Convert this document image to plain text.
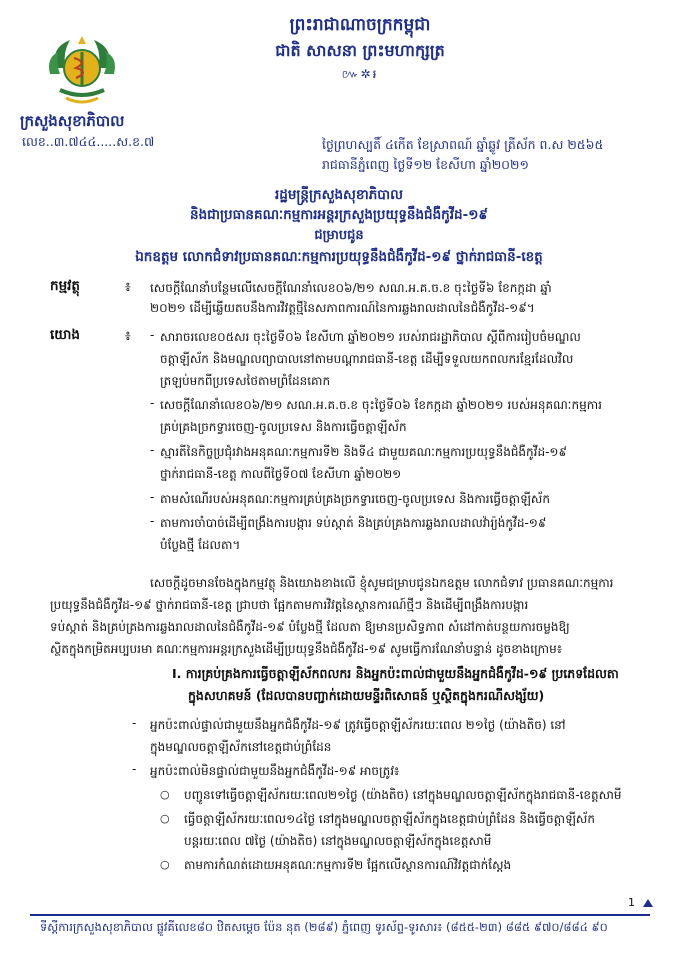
ព្រះរាជាណាចក្រកម្ពុជា
ជាតិ សាសនា ព្រះមហាក្សត្រ
៚✲៛
ក្រសួងសុខាភិបាល
លេខ..៣.៧៤៤.....ស.ខ.៧	ថ្ងៃព្រហស្បតិ៍ ៤កើត ខែស្រាពណ៍ ឆ្នាំឆ្លូវ ត្រីស័ក ព.ស ២៥៦៥
រាជធានីភ្នំពេញ ថ្ងៃទី១២ ខែសីហា ឆ្នាំ២០២១
រដ្ឋមន្ត្រីក្រសួងសុខាភិបាល
និងជាប្រធានគណៈកម្មការអន្តរក្រសួងប្រយុទ្ធនឹងជំងឺកូវីដ-១៩
ជម្រាបជូន
ឯកឧត្តម លោកជំទាវប្រធានគណៈកម្មការប្រយុទ្ធនឹងជំងឺកូវីដ-១៩ ថ្នាក់រាជធានី-ខេត្ត
កម្មវត្ថុ	៖ សេចក្តីណែនាំបន្ថែមលើសេចក្តីណែនាំលេខ០៦/២១ សណ.អ.គ.ច.ខ ចុះថ្ងៃទី៦ ខែកក្កដា ឆ្នាំ
២០២១ ដើម្បីឆ្លើយតបនឹងការវិវត្តថ្មីនៃសភាពការណ៍នៃការឆ្លងរាលដាលនៃជំងឺកូវីដ-១៩។
យោង	៖ - សារាចរលេខ០៥សរ ចុះថ្ងៃទី០៦ ខែសីហា ឆ្នាំ២០២១ របស់រាជរដ្ឋាភិបាល ស្តីពីការរៀបចំមណ្ឌល
ចត្តាឡីស័ក និងមណ្ឌលព្យាបាលនៅតាមបណ្តារាជធានី-ខេត្ត ដើម្បីទទួលយកពលករខ្មែរដែលវិល
ត្រឡប់មកពីប្រទេសថៃតាមព្រំដែនគោក
- សេចក្តីណែនាំលេខ០៦/២១ សណ.អ.គ.ច.ខ ចុះថ្ងៃទី០៦ ខែកក្កដា ឆ្នាំ២០២១ របស់អនុគណៈកម្មការ
គ្រប់គ្រងច្រកទ្វារចេញ-ចូលប្រទេស និងការធ្វើចត្តាឡីស័ក
- ស្មារតីនៃកិច្ចប្រជុំរវាងអនុគណៈកម្មការទី២ និងទី៤ ជាមួយគណៈកម្មការប្រយុទ្ធនឹងជំងឺកូវីដ-១៩
ថ្នាក់រាជធានី-ខេត្ត កាលពីថ្ងៃទី០៧ ខែសីហា ឆ្នាំ២០២១
- តាមសំណើរបស់អនុគណៈកម្មការគ្រប់គ្រងច្រកទ្វារចេញ-ចូលប្រទេស និងការធ្វើចត្តាឡីស័ក
- តាមការចាំបាច់ដើម្បីពង្រឹងការបង្ការ ទប់ស្កាត់ និងគ្រប់គ្រងការឆ្លងរាលដាលវ៉ារ្យ៉ង់កូវីដ-១៩
បំប្លែងថ្មី ដែលតា។
សេចក្តីដូចមានចែងក្នុងកម្មវត្ថុ និងយោងខាងលើ ខ្ញុំសូមជម្រាបជូនឯកឧត្តម លោកជំទាវ ប្រធានគណៈកម្មការ
ប្រយុទ្ធនឹងជំងឺកូវីដ-១៩ ថ្នាក់រាជធានី-ខេត្ត ជ្រាបថា ផ្អែកតាមការវិវត្តនៃស្ថានការណ៍ថ្មីៗ និងដើម្បីពង្រឹងការបង្ការ
ទប់ស្កាត់ និងគ្រប់គ្រងការឆ្លងរាលដាលនៃជំងឺកូវីដ-១៩ បំប្លែងថ្មី ដែលតា ឱ្យមានប្រសិទ្ធភាព សំដៅកាត់បន្ថយការចម្លងឱ្យ
ស្ថិតក្នុងកម្រិតអប្បបរមា គណៈកម្មការអន្តរក្រសួងដើម្បីប្រយុទ្ធនឹងជំងឺកូវីដ-១៩ សូមធ្វើការណែនាំបន្ទាន់ ដូចខាងក្រោម៖
I. ការគ្រប់គ្រងការធ្វើចត្តាឡីស័កពលករ និងអ្នកប៉ះពាល់ជាមួយនឹងអ្នកជំងឺកូវីដ-១៩ ប្រភេទដែលតា
ក្នុងសហគមន៍ (ដែលបានបញ្ជាក់ដោយមន្ទីរពិសោធន៍ ឬស្ថិតក្នុងករណីសង្ស័យ)
- អ្នកប៉ះពាល់ផ្ទាល់ជាមួយនឹងអ្នកជំងឺកូវីដ-១៩ ត្រូវធ្វើចត្តាឡីស័ករយៈពេល ២១ថ្ងៃ (យ៉ាងតិច) នៅ
ក្នុងមណ្ឌលចត្តាឡីស័កនៅខេត្តជាប់ព្រំដែន
- អ្នកប៉ះពាល់មិនផ្ទាល់ជាមួយនឹងអ្នកជំងឺកូវីដ-១៩ អាចត្រូវ៖
○ បញ្ជូនទៅធ្វើចត្តាឡីស័ករយៈពេល២១ថ្ងៃ (យ៉ាងតិច) នៅក្នុងមណ្ឌលចត្តាឡីស័កក្នុងរាជធានី-ខេត្តសាមី
○ ធ្វើចត្តាឡីស័ករយៈពេល១៤ថ្ងៃ នៅក្នុងមណ្ឌលចត្តាឡីស័កក្នុងខេត្តជាប់ព្រំដែន និងធ្វើចត្តាឡីស័ក
បន្តរយៈពេល ៧ថ្ងៃ (យ៉ាងតិច) នៅក្នុងមណ្ឌលចត្តាឡីស័កក្នុងខេត្តសាមី
○ តាមការកំណត់ដោយអនុគណៈកម្មការទី២ ផ្អែកលើស្ថានការណ៍វិវត្តជាក់ស្តែង
1
ទីស្តីការក្រសួងសុខាភិបាល ផ្លូវគីលេខ៨០ ឋិតសម្តេច ប៉ែន នុត (២៨៩) ភ្នំពេញ ទូរស័ព្ទ-ទូរសារ៖ (៨៥៥-២៣) ៨៨៥ ៩៧០/៨៨៤ ៩០
